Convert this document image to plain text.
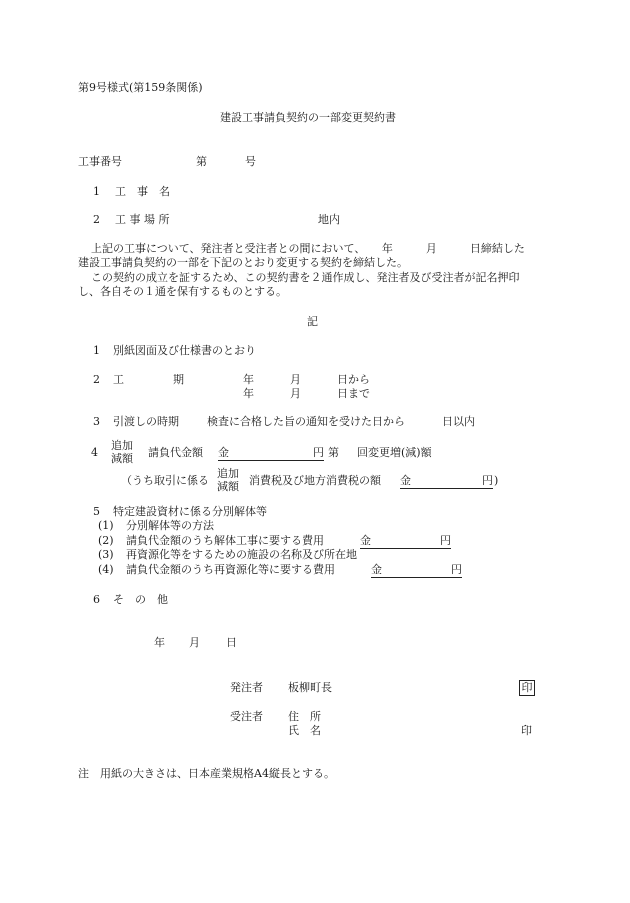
第9号様式(第159条関係)
建設工事請負契約の一部変更契約書
工事番号	第	号
1 工　事　名
2 工 事 場 所	地内
上記の工事について、発注者と受注者との間において、　　年　　　月　　　日締結した
建設工事請負契約の一部を下記のとおり変更する契約を締結した。
この契約の成立を証するため、この契約書を２通作成し、発注者及び受注者が記名押印
し、各自その１通を保有するものとする。
記
1 別紙図面及び仕様書のとおり
2 工	期	年	月	日から
年	月	日まで
3 引渡しの時期	検査に合格した旨の通知を受けた日から	日以内
4
追加
減額 請負代金額 金	円 第 回変更増(減)額
（うち取引に係る
追加
減額 消費税及び地方消費税の額 金	円 )
5 特定建設資材に係る分別解体等
(1) 分別解体等の方法
(2) 請負代金額のうち解体工事に要する費用	金	円
(3) 再資源化等をするための施設の名称及び所在地
(4) 請負代金額のうち再資源化等に要する費用	金	円
6 そ　の　他
年 月 日
発注者 板柳町長	印
受注者 住　所
氏　名	印
注　用紙の大きさは、日本産業規格A4縦長とする。
